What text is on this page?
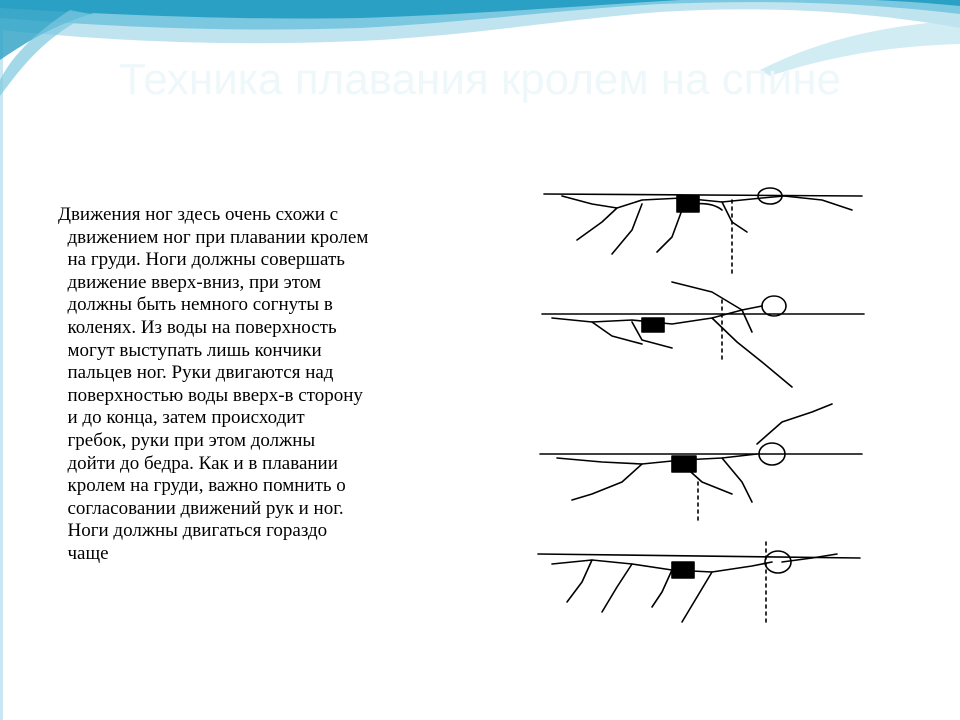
Техника плавания кролем на спине

Движения ног здесь очень схожи с
движением ног при плавании кролем
на груди. Ноги должны совершать
движение вверх-вниз, при этом
должны быть немного согнуты в
коленях. Из воды на поверхность
могут выступать лишь кончики
пальцев ног. Руки двигаются над
поверхностью воды вверх-в сторону
и до конца, затем происходит
гребок, руки при этом должны
дойти до бедра. Как и в плавании
кролем на груди, важно помнить о
согласовании движений рук и ног.
Ноги должны двигаться гораздо
чаще
